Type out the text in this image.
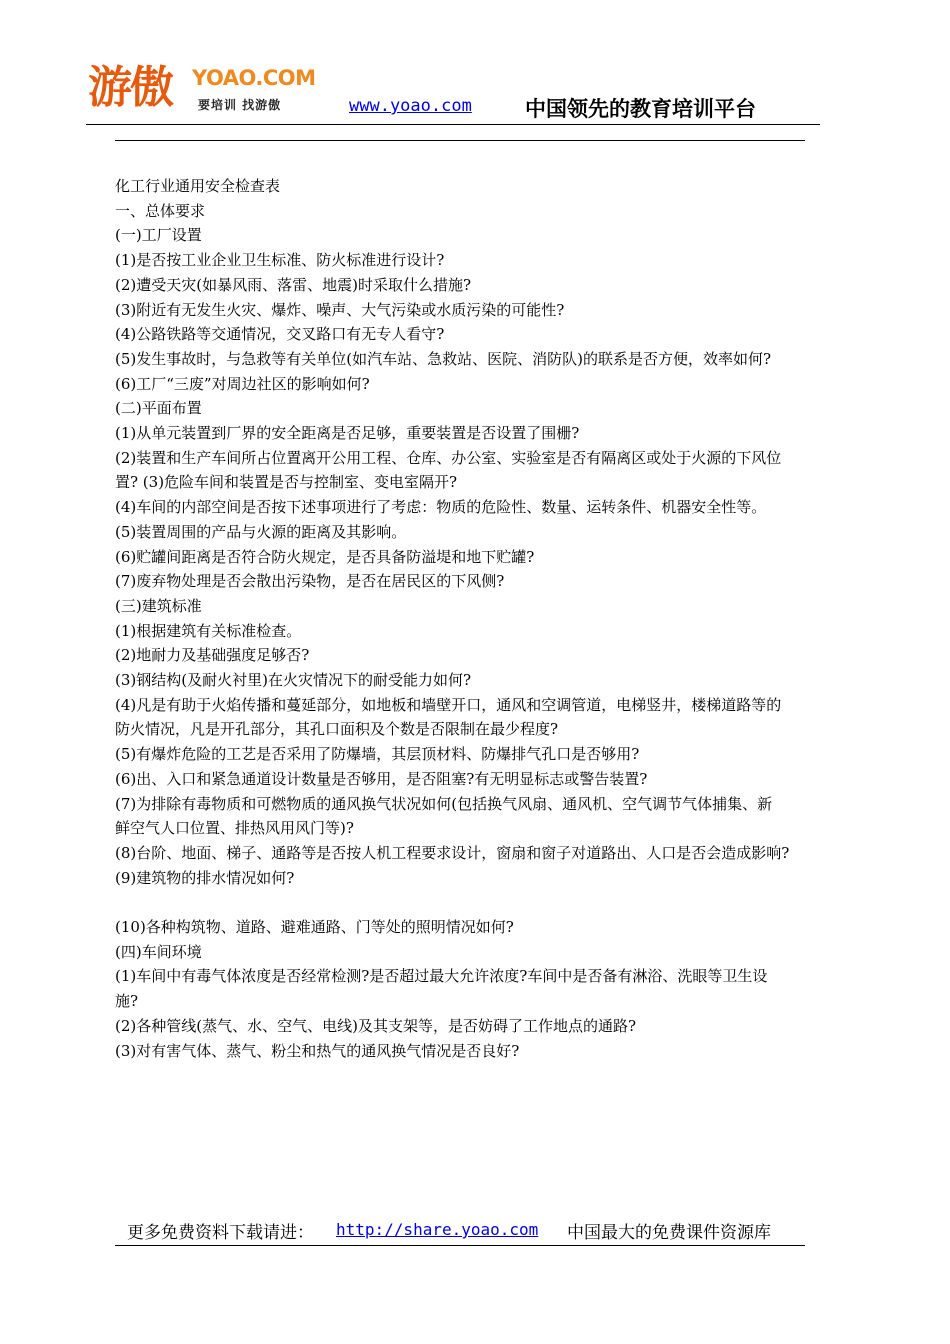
游傲 YOAO.COM
要培训 找游傲	www.yoao.com	中国领先的教育培训平台

化工行业通用安全检查表

一、总体要求

(一)工厂设置

(1)是否按工业企业卫生标准、防火标准进行设计?

(2)遭受天灾(如暴风雨、落雷、地震)时采取什么措施?

(3)附近有无发生火灾、爆炸、噪声、大气污染或水质污染的可能性?

(4)公路铁路等交通情况，交叉路口有无专人看守?

(5)发生事故时，与急救等有关单位(如汽车站、急救站、医院、消防队)的联系是否方便，效率如何?

(6)工厂“三废”对周边社区的影响如何?

(二)平面布置

(1)从单元装置到厂界的安全距离是否足够，重要装置是否设置了围栅?

(2)装置和生产车间所占位置离开公用工程、仓库、办公室、实验室是否有隔离区或处于火源的下风位

置? (3)危险车间和装置是否与控制室、变电室隔开?

(4)车间的内部空间是否按下述事项进行了考虑：物质的危险性、数量、运转条件、机器安全性等。

(5)装置周围的产品与火源的距离及其影响。

(6)贮罐间距离是否符合防火规定，是否具备防溢堤和地下贮罐?

(7)废弃物处理是否会散出污染物，是否在居民区的下风侧?

(三)建筑标准

(1)根据建筑有关标准检查。

(2)地耐力及基础强度足够否?

(3)钢结构(及耐火衬里)在火灾情况下的耐受能力如何?

(4)凡是有助于火焰传播和蔓延部分，如地板和墙壁开口，通风和空调管道，电梯竖井，楼梯道路等的

防火情况，凡是开孔部分，其孔口面积及个数是否限制在最少程度?

(5)有爆炸危险的工艺是否采用了防爆墙，其层顶材料、防爆排气孔口是否够用?

(6)出、入口和紧急通道设计数量是否够用，是否阻塞?有无明显标志或警告装置?

(7)为排除有毒物质和可燃物质的通风换气状况如何(包括换气风扇、通风机、空气调节气体捕集、新

鲜空气人口位置、排热风用风门等)?

(8)台阶、地面、梯子、通路等是否按人机工程要求设计，窗扇和窗子对道路出、人口是否会造成影响?

(9)建筑物的排水情况如何?

(10)各种构筑物、道路、避难通路、门等处的照明情况如何?

(四)车间环境

(1)车间中有毒气体浓度是否经常检测?是否超过最大允许浓度?车间中是否备有淋浴、洗眼等卫生设

施?

(2)各种管线(蒸气、水、空气、电线)及其支架等，是否妨碍了工作地点的通路?

(3)对有害气体、蒸气、粉尘和热气的通风换气情况是否良好?

更多免费资料下载请进： http://share.yoao.com 中国最大的免费课件资源库
